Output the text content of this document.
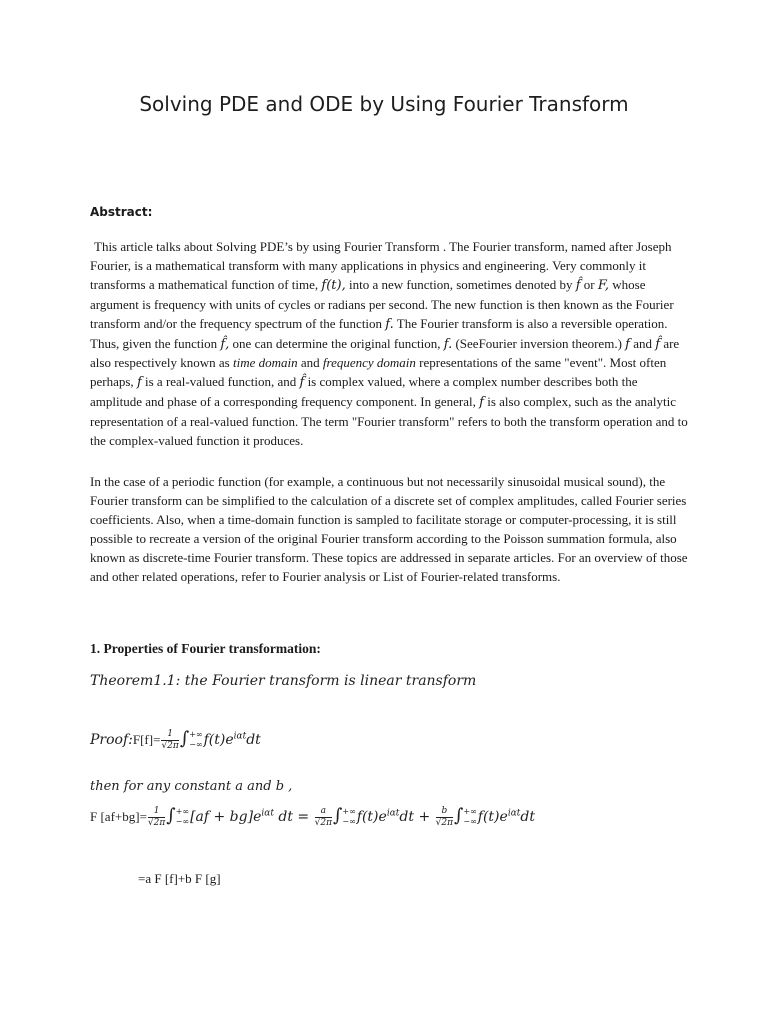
Solving PDE and ODE by Using Fourier Transform
Abstract:

This article talks about Solving PDE’s by using Fourier Transform . The Fourier transform, named after Joseph Fourier, is a mathematical transform with many applications in physics and engineering. Very commonly it transforms a mathematical function of time, f(t), into a new function, sometimes denoted by f̂ or F, whose argument is frequency with units of cycles or radians per second. The new function is then known as the Fourier transform and/or the frequency spectrum of the function f. The Fourier transform is also a reversible operation. Thus, given the function f̂, one can determine the original function, f. (SeeFourier inversion theorem.) f and f̂ are also respectively known as time domain and frequency domain representations of the same "event". Most often perhaps, f is a real-valued function, and f̂ is complex valued, where a complex number describes both the amplitude and phase of a corresponding frequency component. In general, f is also complex, such as the analytic representation of a real-valued function. The term "Fourier transform" refers to both the transform operation and to the complex-valued function it produces.

In the case of a periodic function (for example, a continuous but not necessarily sinusoidal musical sound), the Fourier transform can be simplified to the calculation of a discrete set of complex amplitudes, called Fourier series coefficients. Also, when a time-domain function is sampled to facilitate storage or computer-processing, it is still possible to recreate a version of the original Fourier transform according to the Poisson summation formula, also known as discrete-time Fourier transform. These topics are addressed in separate articles. For an overview of those and other related operations, refer to Fourier analysis or List of Fourier-related transforms.

1. Properties of Fourier transformation:
Theorem1.1: the Fourier transform is linear transform
Proof:F[f]= $\frac{1}{√2\pi}$ ∫ +∞
−∞ $f(t)e^{i\alpha t}dt$
then for any constant a and b ,
F $[af+bg]= \frac{1}{√2\pi}$ ∫ +∞
−∞ $[af + bg]e^{i\alpha t}$ dt = $\frac{a}{√2\pi}$ ∫ +∞
−∞ $f(t)e^{i\alpha t}dt + \frac{b}{√2\pi}$ ∫ +∞
−∞ $f(t)e^{i\alpha t}dt$
=a F [f]+b F [g]
